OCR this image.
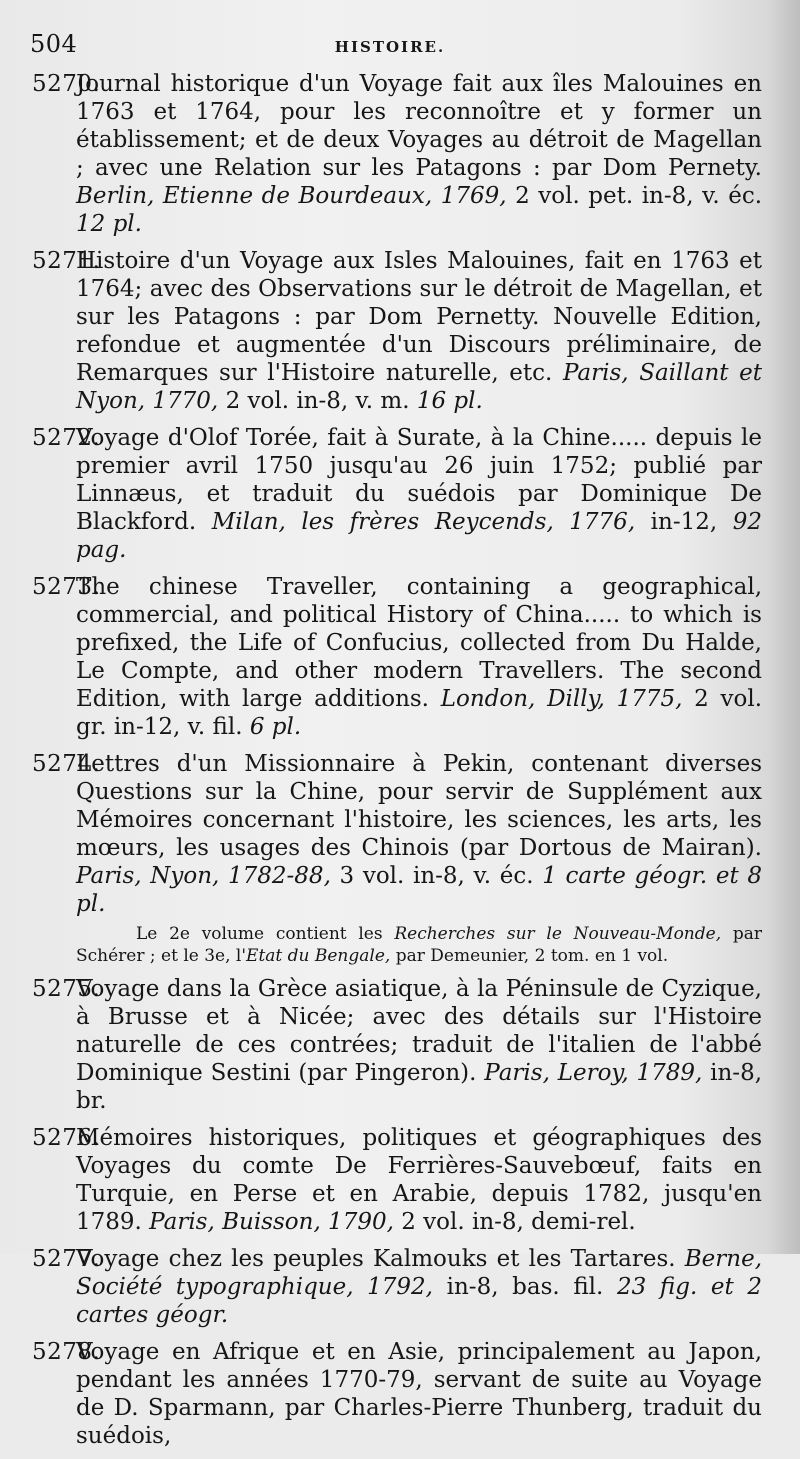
504	HISTOIRE.
5270 .
Journal historique d'un Voyage fait aux îles Malouines en 1763 et 1764, pour les reconnoître et y former un établissement; et de deux Voyages au détroit de Magellan ; avec une Relation sur les Patagons : par Dom Pernety. Berlin, Etienne de Bourdeaux, 1769, 2 vol. pet. in-8, v. éc. 12 pl.
5271 .
Histoire d'un Voyage aux Isles Malouines, fait en 1763 et 1764; avec des Observations sur le détroit de Magellan, et sur les Patagons : par Dom Pernetty. Nouvelle Edition, refondue et augmentée d'un Discours préliminaire, de Remarques sur l'Histoire naturelle, etc. Paris, Saillant et Nyon, 1770, 2 vol. in-8, v. m. 16 pl.
5272 .
Voyage d'Olof Torée, fait à Surate, à la Chine..... depuis le premier avril 1750 jusqu'au 26 juin 1752; publié par Linnæus, et traduit du suédois par Dominique De Blackford. Milan, les frères Reycends, 1776, in-12, 92 pag.
5273 .
The chinese Traveller, containing a geographical, commercial, and political History of China..... to which is prefixed, the Life of Confucius, collected from Du Halde, Le Compte, and other modern Travellers. The second Edition, with large additions. London, Dilly, 1775, 2 vol. gr. in-12, v. fil. 6 pl.
5274 .
Lettres d'un Missionnaire à Pekin, contenant diverses Questions sur la Chine, pour servir de Supplément aux Mémoires concernant l'histoire, les sciences, les arts, les mœurs, les usages des Chinois (par Dortous de Mairan). Paris, Nyon, 1782-88, 3 vol. in-8, v. éc. 1 carte géogr. et 8 pl.
Le 2e volume contient les Recherches sur le Nouveau-Monde, par Schérer ; et le 3e, l'Etat du Bengale, par Demeunier, 2 tom. en 1 vol.
5275 .
Voyage dans la Grèce asiatique, à la Péninsule de Cyzique, à Brusse et à Nicée; avec des détails sur l'Histoire naturelle de ces contrées; traduit de l'italien de l'abbé Dominique Sestini (par Pingeron). Paris, Leroy, 1789, in-8, br.
5276 .
Mémoires historiques, politiques et géographiques des Voyages du comte De Ferrières-Sauvebœuf, faits en Turquie, en Perse et en Arabie, depuis 1782, jusqu'en 1789. Paris, Buisson, 1790, 2 vol. in-8, demi-rel.
5277 .
Voyage chez les peuples Kalmouks et les Tartares. Berne, Société typographique, 1792, in-8, bas. fil. 23 fig. et 2 cartes géogr.
5278 .
Voyage en Afrique et en Asie, principalement au Japon, pendant les années 1770-79, servant de suite au Voyage de D. Sparmann, par Charles-Pierre Thunberg, traduit du suédois,
